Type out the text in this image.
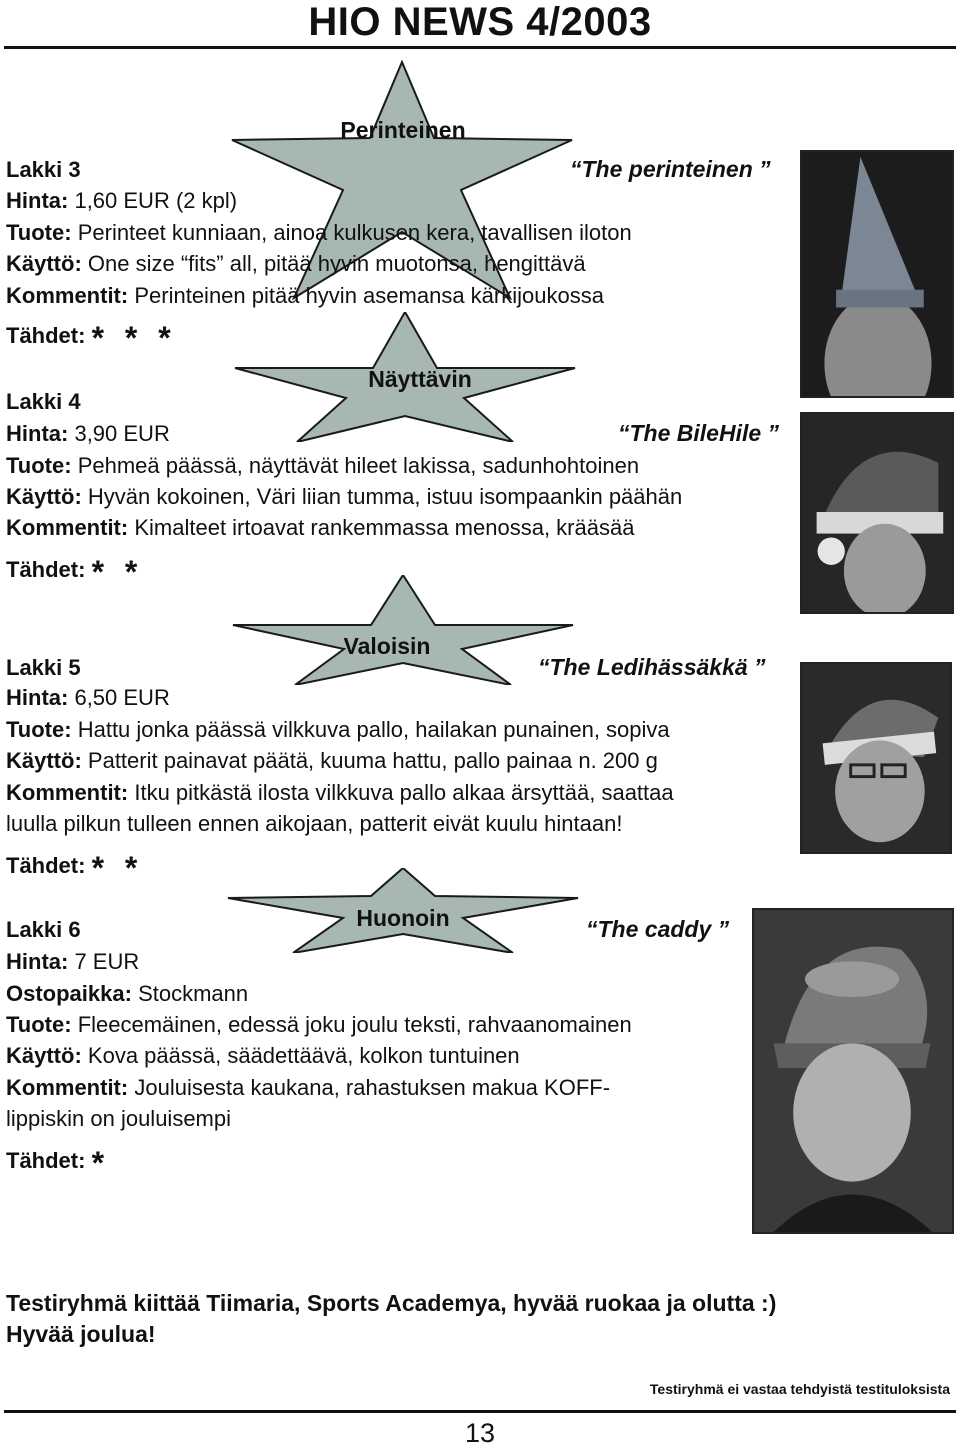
HIO NEWS 4/2003
Perinteinen
Lakki 3	“The perinteinen ”
Hinta: 1,60 EUR (2 kpl)
Tuote: Perinteet kunniaan, ainoa kulkusen kera, tavallisen iloton
Käyttö: One size “fits” all, pitää hyvin muotonsa, hengittävä
Kommentit: Perinteinen pitää hyvin asemansa kärkijoukossa
Tähdet: * * *
Näyttävin
Lakki 4
Hinta: 3,90 EUR	“The BileHile ”
Tuote: Pehmeä päässä, näyttävät hileet lakissa, sadunhohtoinen
Käyttö: Hyvän kokoinen, Väri liian tumma, istuu isompaankin päähän
Kommentit: Kimalteet irtoavat rankemmassa menossa, krääsää
Tähdet: * *
Valoisin
Lakki 5	“The Ledihässäkkä ”
Hinta: 6,50 EUR
Tuote: Hattu jonka päässä vilkkuva pallo, hailakan punainen, sopiva
Käyttö: Patterit painavat päätä, kuuma hattu, pallo painaa n. 200 g
Kommentit: Itku pitkästä ilosta vilkkuva pallo alkaa ärsyttää, saattaa
luulla pilkun tulleen ennen aikojaan, patterit eivät kuulu hintaan!
Tähdet: * *
Huonoin
Lakki 6	“The caddy ”
Hinta: 7 EUR
Ostopaikka: Stockmann
Tuote: Fleecemäinen, edessä joku joulu teksti, rahvaanomainen
Käyttö: Kova päässä, säädettäävä, kolkon tuntuinen
Kommentit: Jouluisesta kaukana, rahastuksen makua KOFF-
lippiskin on jouluisempi
Tähdet: *
Testiryhmä kiittää Tiimaria, Sports Academya, hyvää ruokaa ja olutta :)
Hyvää joulua!
Testiryhmä ei vastaa tehdyistä testituloksista
13
